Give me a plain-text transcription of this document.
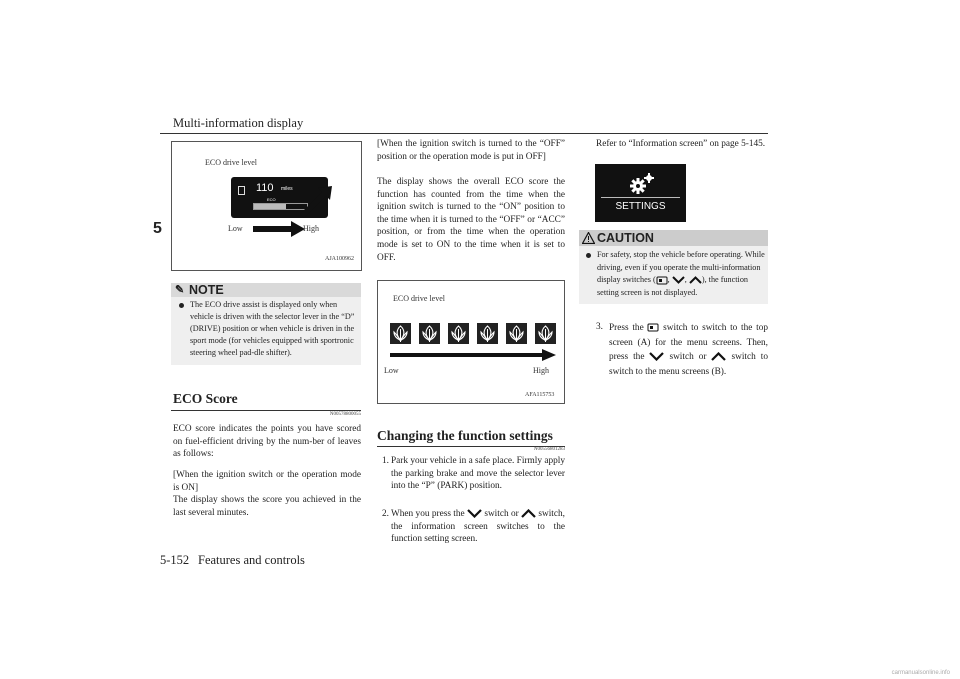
Multi-information display
5
ECO drive level
110 miles
ECO
Low	High
AJA100962
✎ NOTE
The ECO drive assist is displayed only when vehicle is driven with the selector lever in the “D” (DRIVE) position or when vehicle is driven in the sport mode (for vehicles equipped with sportronic steering wheel pad-dle shifter).
ECO Score
N00578800055
ECO score indicates the points you have scored on fuel-efficient driving by the num-ber of leaves as follows:
[When the ignition switch or the operation mode is ON]
The display shows the score you achieved in the last several minutes.
[When the ignition switch is turned to the “OFF” position or the operation mode is put in OFF]
The display shows the overall ECO score the function has counted from the time when the ignition switch is turned to the “ON” position to the time when it is turned to the “OFF” or “ACC” position, or from the time when the operation mode is set to ON to the time when it is set to OFF.
ECO drive level
Low	High
AFA115753
Changing the function settings
N00556801283
1. Park your vehicle in a safe place. Firmly apply the parking brake and move the selector lever into the “P” (PARK) position.
2. When you press the switch or switch, the information screen switches to the function setting screen.
Refer to “Information screen” on page 5-145.
SETTINGS
CAUTION
For safety, stop the vehicle before operating. While driving, even if you operate the multi-information display switches ( , , ), the function setting screen is not displayed.
3. Press the switch to switch to the top screen (A) for the menu screens. Then, press the	switch or	switch to switch to the menu screens (B).
5-152 Features and controls
carmanualsonline.info
